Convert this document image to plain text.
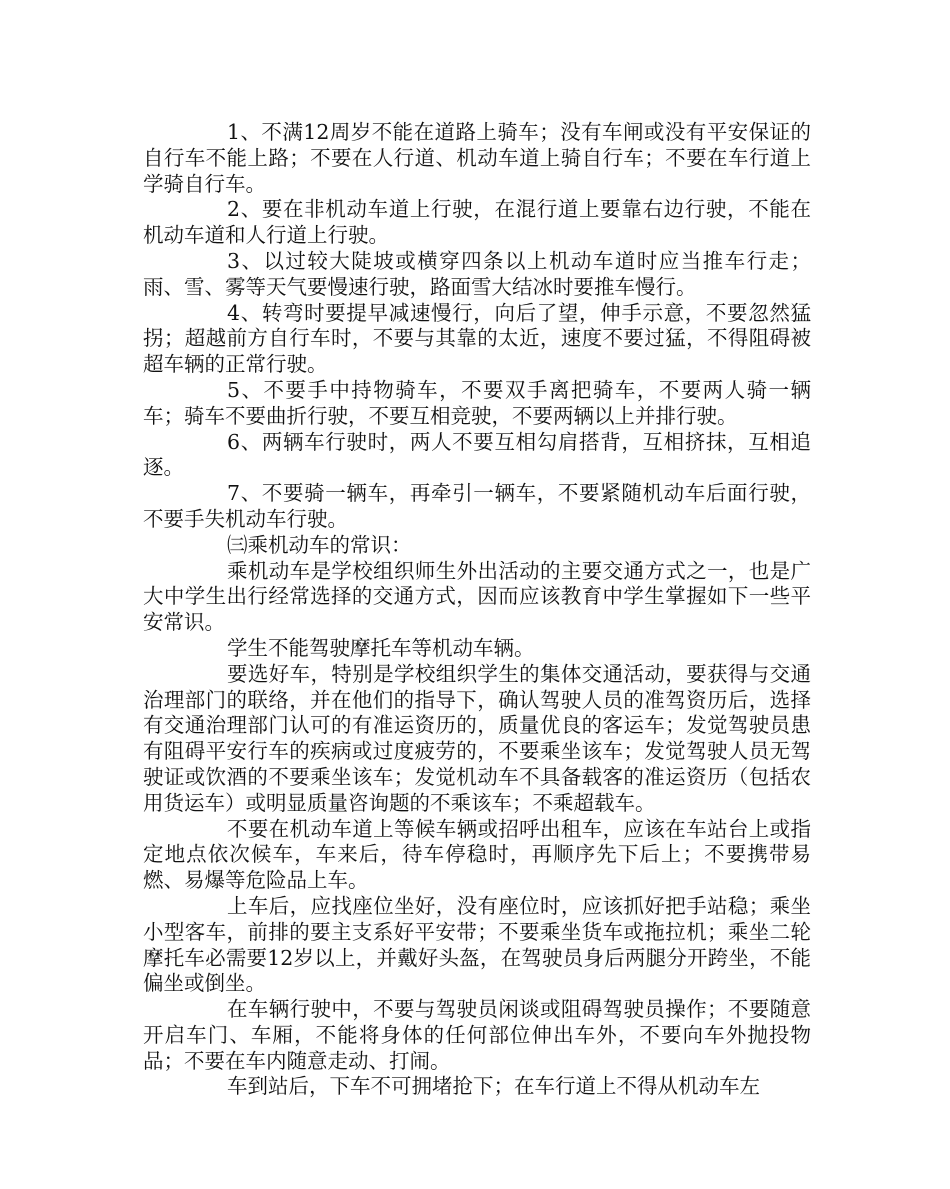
1、不满12周岁不能在道路上骑车；没有车闸或没有平安保证的自行车不能上路；不要在人行道、机动车道上骑自行车；不要在车行道上学骑自行车。

2、要在非机动车道上行驶，在混行道上要靠右边行驶，不能在机动车道和人行道上行驶。

3、以过较大陡坡或横穿四条以上机动车道时应当推车行走；雨、雪、雾等天气要慢速行驶，路面雪大结冰时要推车慢行。

4、转弯时要提早减速慢行，向后了望，伸手示意，不要忽然猛拐；超越前方自行车时，不要与其靠的太近，速度不要过猛，不得阻碍被超车辆的正常行驶。

5、不要手中持物骑车，不要双手离把骑车，不要两人骑一辆车；骑车不要曲折行驶，不要互相竞驶，不要两辆以上并排行驶。

6、两辆车行驶时，两人不要互相勾肩搭背，互相挤抹，互相追逐。

7、不要骑一辆车，再牵引一辆车，不要紧随机动车后面行驶，不要手失机动车行驶。

㈢乘机动车的常识：

乘机动车是学校组织师生外出活动的主要交通方式之一，也是广大中学生出行经常选择的交通方式，因而应该教育中学生掌握如下一些平安常识。

学生不能驾驶摩托车等机动车辆。

要选好车，特别是学校组织学生的集体交通活动，要获得与交通治理部门的联络，并在他们的指导下，确认驾驶人员的准驾资历后，选择有交通治理部门认可的有准运资历的，质量优良的客运车；发觉驾驶员患有阻碍平安行车的疾病或过度疲劳的，不要乘坐该车；发觉驾驶人员无驾驶证或饮酒的不要乘坐该车；发觉机动车不具备载客的准运资历（包括农用货运车）或明显质量咨询题的不乘该车；不乘超载车。

不要在机动车道上等候车辆或招呼出租车，应该在车站台上或指定地点依次候车，车来后，待车停稳时，再顺序先下后上；不要携带易燃、易爆等危险品上车。

上车后，应找座位坐好，没有座位时，应该抓好把手站稳；乘坐小型客车，前排的要主支系好平安带；不要乘坐货车或拖拉机；乘坐二轮摩托车必需要12岁以上，并戴好头盔，在驾驶员身后两腿分开跨坐，不能偏坐或倒坐。

在车辆行驶中，不要与驾驶员闲谈或阻碍驾驶员操作；不要随意开启车门、车厢，不能将身体的任何部位伸出车外，不要向车外抛投物品；不要在车内随意走动、打闹。

车到站后，下车不可拥堵抢下；在车行道上不得从机动车左
